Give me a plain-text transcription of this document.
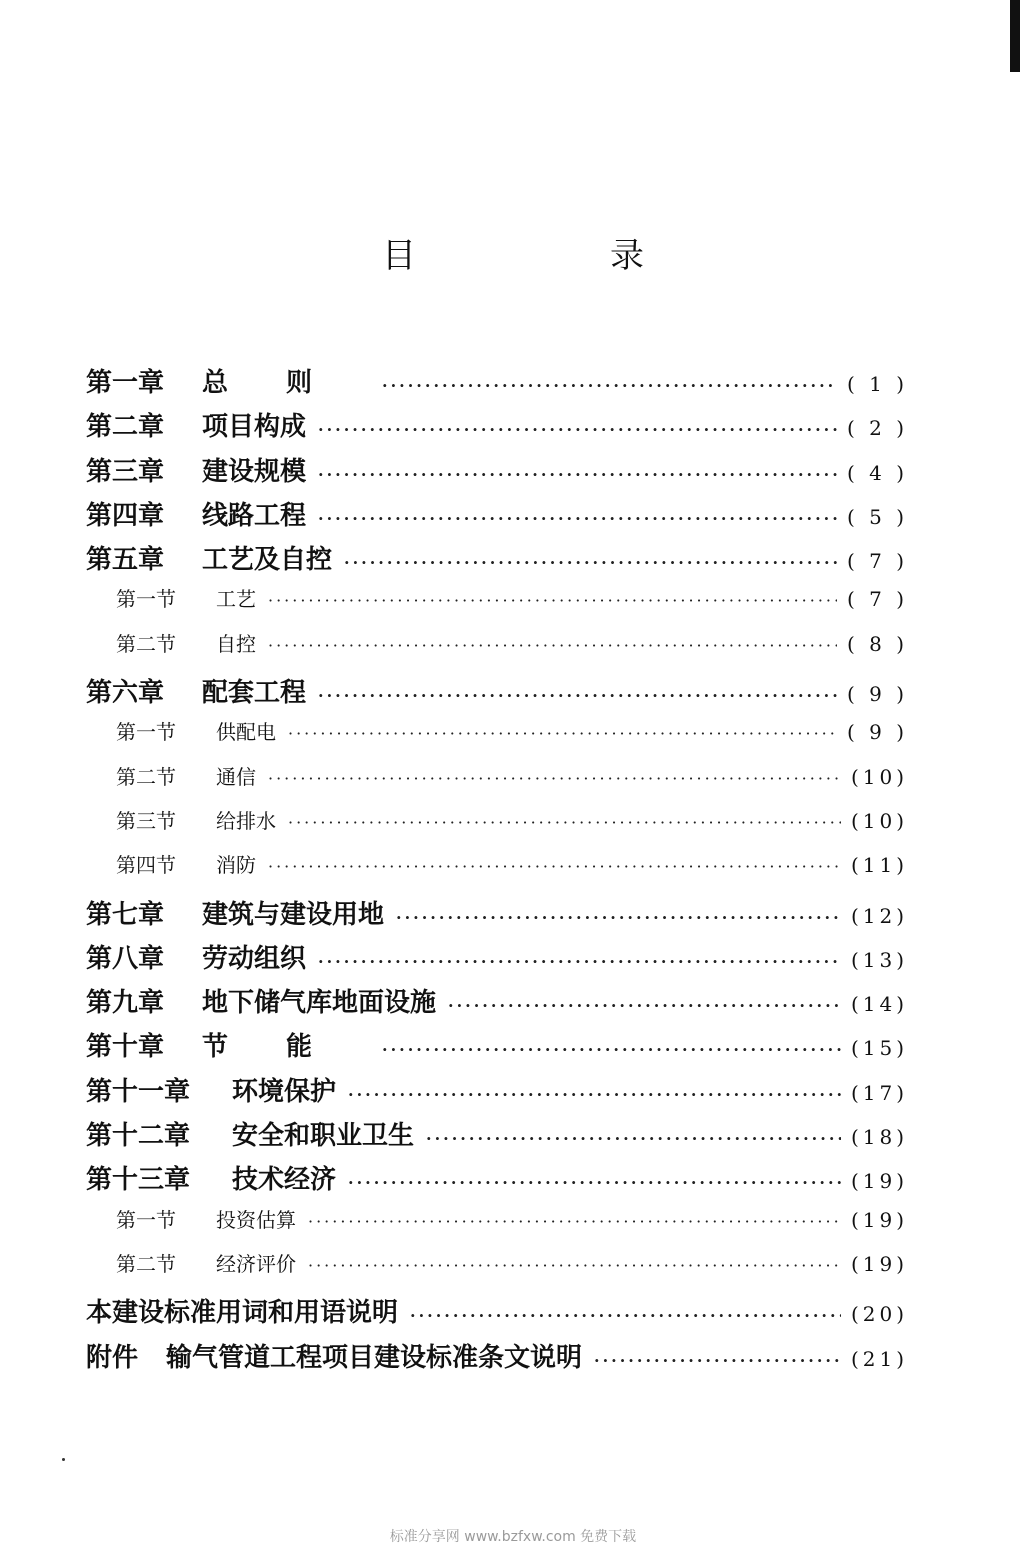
目　录
第一章	总则 ·····	( 1 )
第二章	项目构成 ·····	( 2 )
第三章	建设规模 ·····	( 4 )
第四章	线路工程 ·····	( 5 )
第五章	工艺及自控 ·····	( 7 )
第一节	工艺 ·····	( 7 )
第二节	自控 ·····	( 8 )
第六章	配套工程 ·····	( 9 )
第一节	供配电 ·····	( 9 )
第二节	通信 ·····	(10)
第三节	给排水 ·····	(10)
第四节	消防 ·····	(11)
第七章	建筑与建设用地 ·····	(12)
第八章	劳动组织 ·····	(13)
第九章	地下储气库地面设施 ·····	(14)
第十章	节能 ·····	(15)
第十一章	环境保护 ·····	(17)
第十二章	安全和职业卫生 ·····	(18)
第十三章	技术经济 ·····	(19)
第一节	投资估算 ·····	(19)
第二节	经济评价 ·····	(19)
本建设标准用词和用语说明 ·····	(20)
附件	输气管道工程项目建设标准条文说明 ·····	(21)
标准分享网 www.bzfxw.com 免费下载
